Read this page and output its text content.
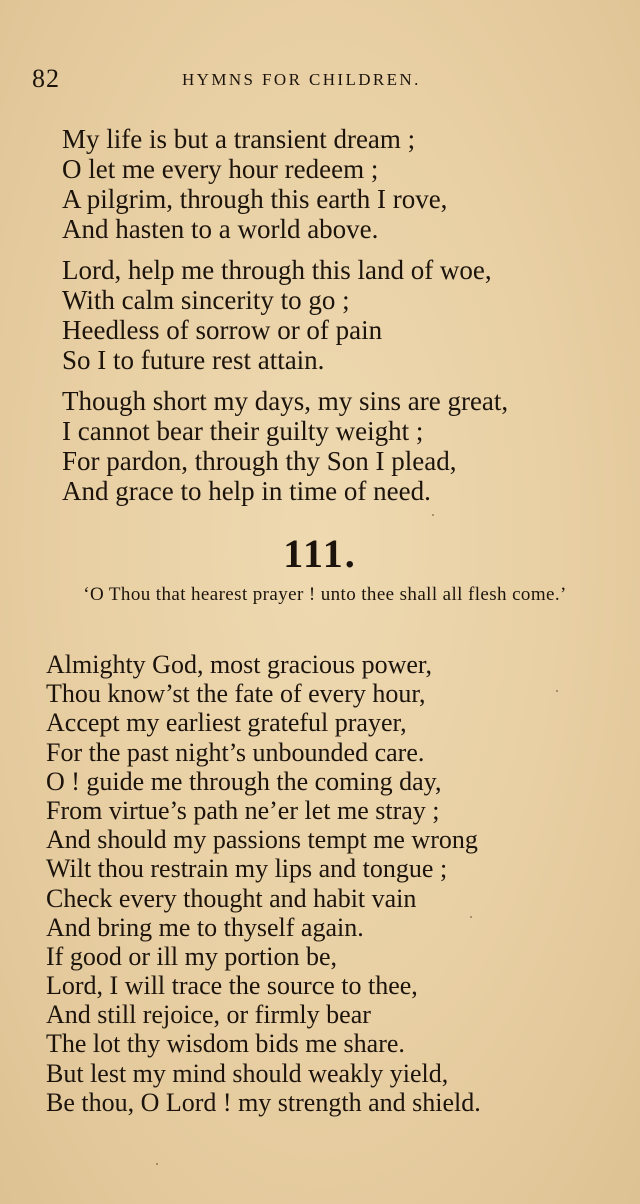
82	HYMNS FOR CHILDREN.
My life is but a transient dream ;
O let me every hour redeem ;
A pilgrim, through this earth I rove,
And hasten to a world above.
Lord, help me through this land of woe,
With calm sincerity to go ;
Heedless of sorrow or of pain
So I to future rest attain.
Though short my days, my sins are great,
I cannot bear their guilty weight ;
For pardon, through thy Son I plead,
And grace to help in time of need.
111.
‘O Thou that hearest prayer ! unto thee shall all flesh come.’
Almighty God, most gracious power,
Thou know’st the fate of every hour,
Accept my earliest grateful prayer,
For the past night’s unbounded care.
O ! guide me through the coming day,
From virtue’s path ne’er let me stray ;
And should my passions tempt me wrong
Wilt thou restrain my lips and tongue ;
Check every thought and habit vain
And bring me to thyself again.
If good or ill my portion be,
Lord, I will trace the source to thee,
And still rejoice, or firmly bear
The lot thy wisdom bids me share.
But lest my mind should weakly yield,
Be thou, O Lord ! my strength and shield.
